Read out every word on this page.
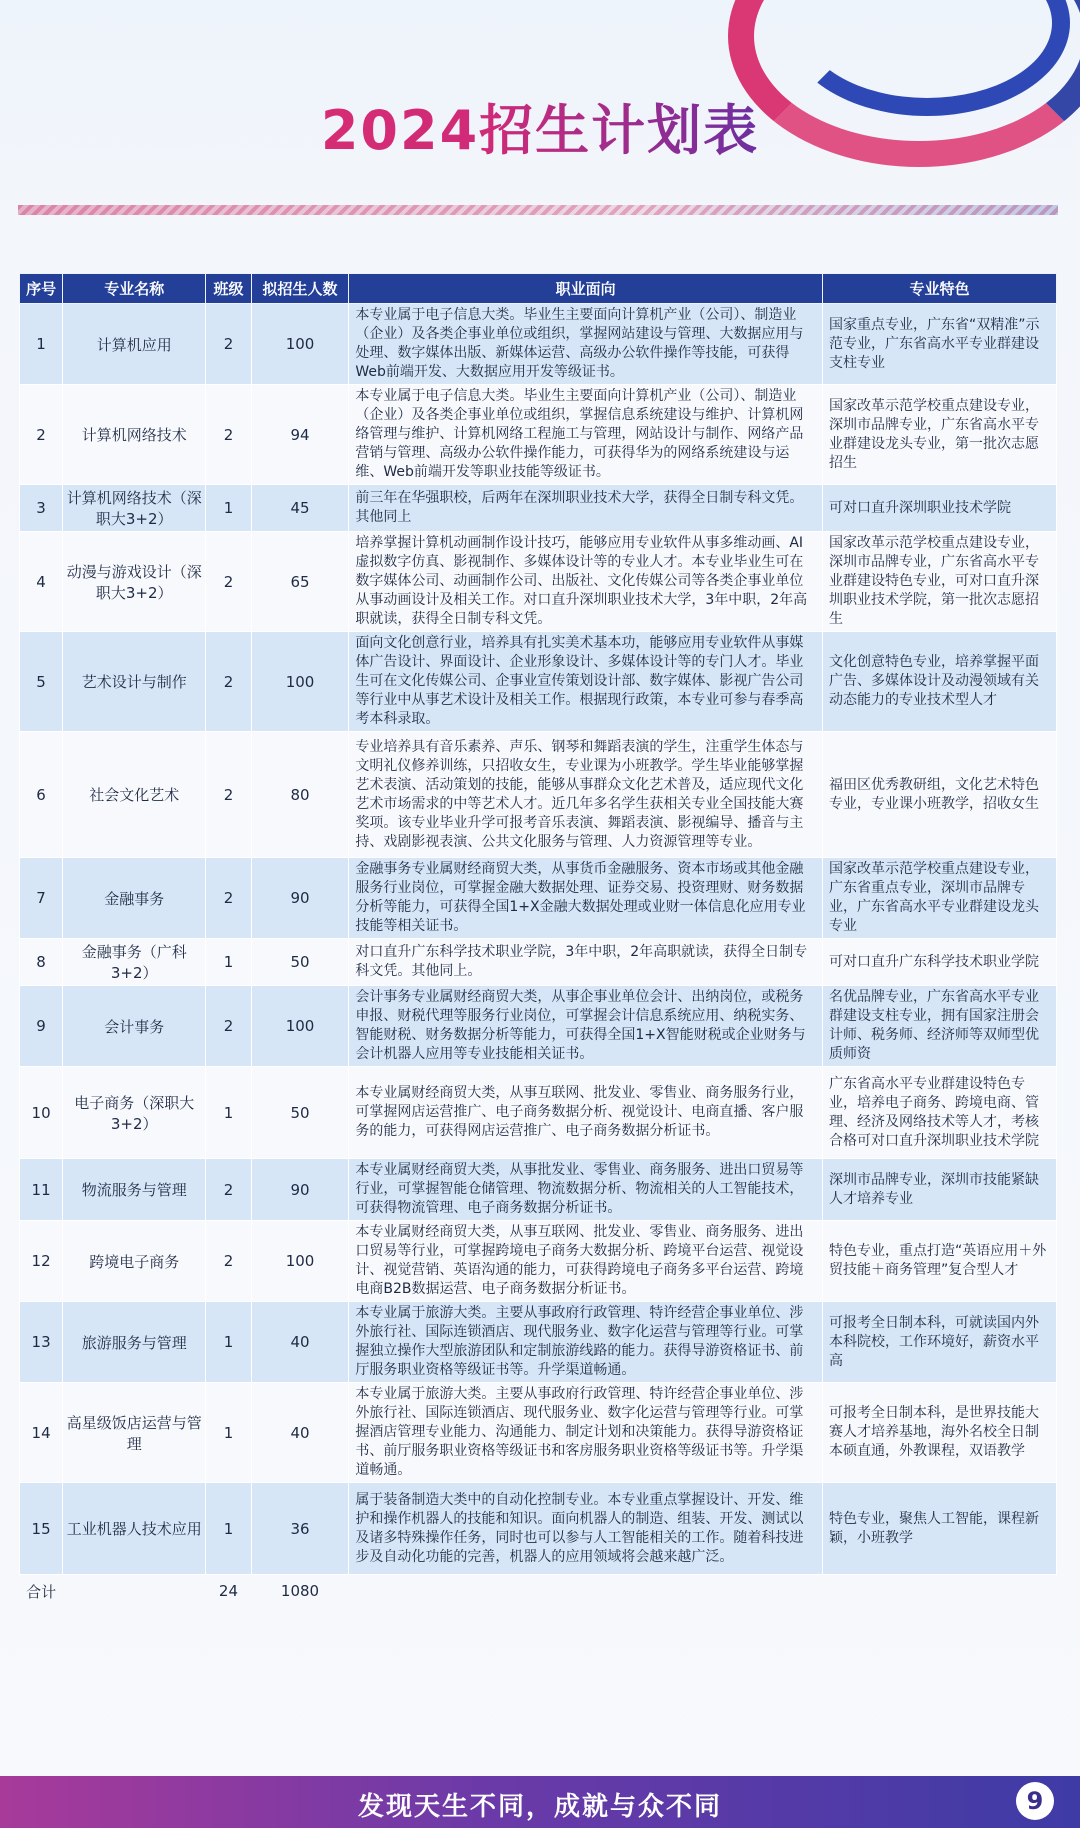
2024招生计划表
序号	专业名称	班级	拟招生人数	职业面向	专业特色
1	计算机应用	2	100	本专业属于电子信息大类。毕业生主要面向计算机产业（公司）、制造业（企业）及各类企事业单位或组织，掌握网站建设与管理、大数据应用与处理、数字媒体出版、新媒体运营、高级办公软件操作等技能，可获得Web前端开发、大数据应用开发等级证书。	国家重点专业，广东省“双精准”示范专业，广东省高水平专业群建设支柱专业
2	计算机网络技术	2	94	本专业属于电子信息大类。毕业生主要面向计算机产业（公司）、制造业（企业）及各类企事业单位或组织，掌握信息系统建设与维护、计算机网络管理与维护、计算机网络工程施工与管理，网站设计与制作、网络产品营销与管理、高级办公软件操作能力，可获得华为的网络系统建设与运维、Web前端开发等职业技能等级证书。	国家改革示范学校重点建设专业，深圳市品牌专业，广东省高水平专业群建设龙头专业，第一批次志愿招生
3	计算机网络技术（深职大3+2）	1	45	前三年在华强职校，后两年在深圳职业技术大学，获得全日制专科文凭。其他同上	可对口直升深圳职业技术学院
4	动漫与游戏设计（深职大3+2）	2	65	培养掌握计算机动画制作设计技巧，能够应用专业软件从事多维动画、AI虚拟数字仿真、影视制作、多媒体设计等的专业人才。本专业毕业生可在数字媒体公司、动画制作公司、出版社、文化传媒公司等各类企事业单位从事动画设计及相关工作。对口直升深圳职业技术大学，3年中职，2年高职就读，获得全日制专科文凭。	国家改革示范学校重点建设专业，深圳市品牌专业，广东省高水平专业群建设特色专业，可对口直升深圳职业技术学院，第一批次志愿招生
5	艺术设计与制作	2	100	面向文化创意行业，培养具有扎实美术基本功，能够应用专业软件从事媒体广告设计、界面设计、企业形象设计、多媒体设计等的专门人才。毕业生可在文化传媒公司、企事业宣传策划设计部、数字媒体、影视广告公司等行业中从事艺术设计及相关工作。根据现行政策，本专业可参与春季高考本科录取。	文化创意特色专业，培养掌握平面广告、多媒体设计及动漫领域有关动态能力的专业技术型人才
6	社会文化艺术	2	80	专业培养具有音乐素养、声乐、钢琴和舞蹈表演的学生，注重学生体态与文明礼仪修养训练，只招收女生，专业课为小班教学。学生毕业能够掌握艺术表演、活动策划的技能，能够从事群众文化艺术普及，适应现代文化艺术市场需求的中等艺术人才。近几年多名学生获相关专业全国技能大赛奖项。该专业毕业升学可报考音乐表演、舞蹈表演、影视编导、播音与主持、戏剧影视表演、公共文化服务与管理、人力资源管理等专业。	福田区优秀教研组，文化艺术特色专业，专业课小班教学，招收女生
7	金融事务	2	90	金融事务专业属财经商贸大类，从事货币金融服务、资本市场或其他金融服务行业岗位，可掌握金融大数据处理、证券交易、投资理财、财务数据分析等能力，可获得全国1+X金融大数据处理或业财一体信息化应用专业技能等相关证书。	国家改革示范学校重点建设专业，广东省重点专业，深圳市品牌专业，广东省高水平专业群建设龙头专业
8	金融事务（广科3+2）	1	50	对口直升广东科学技术职业学院，3年中职，2年高职就读，获得全日制专科文凭。其他同上。	可对口直升广东科学技术职业学院
9	会计事务	2	100	会计事务专业属财经商贸大类，从事企事业单位会计、出纳岗位，或税务申报、财税代理等服务行业岗位，可掌握会计信息系统应用、纳税实务、智能财税、财务数据分析等能力，可获得全国1+X智能财税或企业财务与会计机器人应用等专业技能相关证书。	名优品牌专业，广东省高水平专业群建设支柱专业，拥有国家注册会计师、税务师、经济师等双师型优质师资
10	电子商务（深职大3+2）	1	50	本专业属财经商贸大类，从事互联网、批发业、零售业、商务服务行业，可掌握网店运营推广、电子商务数据分析、视觉设计、电商直播、客户服务的能力，可获得网店运营推广、电子商务数据分析证书。	广东省高水平专业群建设特色专业，培养电子商务、跨境电商、管理、经济及网络技术等人才，考核合格可对口直升深圳职业技术学院
11	物流服务与管理	2	90	本专业属财经商贸大类，从事批发业、零售业、商务服务、进出口贸易等行业，可掌握智能仓储管理、物流数据分析、物流相关的人工智能技术，可获得物流管理、电子商务数据分析证书。	深圳市品牌专业，深圳市技能紧缺人才培养专业
12	跨境电子商务	2	100	本专业属财经商贸大类，从事互联网、批发业、零售业、商务服务、进出口贸易等行业，可掌握跨境电子商务大数据分析、跨境平台运营、视觉设计、视觉营销、英语沟通的能力，可获得跨境电子商务多平台运营、跨境电商B2B数据运营、电子商务数据分析证书。	特色专业，重点打造“英语应用＋外贸技能＋商务管理”复合型人才
13	旅游服务与管理	1	40	本专业属于旅游大类。主要从事政府行政管理、特许经营企事业单位、涉外旅行社、国际连锁酒店、现代服务业、数字化运营与管理等行业。可掌握独立操作大型旅游团队和定制旅游线路的能力。获得导游资格证书、前厅服务职业资格等级证书等。升学渠道畅通。	可报考全日制本科，可就读国内外本科院校，工作环境好，薪资水平高
14	高星级饭店运营与管理	1	40	本专业属于旅游大类。主要从事政府行政管理、特许经营企事业单位、涉外旅行社、国际连锁酒店、现代服务业、数字化运营与管理等行业。可掌握酒店管理专业能力、沟通能力、制定计划和决策能力。获得导游资格证书、前厅服务职业资格等级证书和客房服务职业资格等级证书等。升学渠道畅通。	可报考全日制本科，是世界技能大赛人才培养基地，海外名校全日制本硕直通，外教课程，双语教学
15	工业机器人技术应用	1	36	属于装备制造大类中的自动化控制专业。本专业重点掌握设计、开发、维护和操作机器人的技能和知识。面向机器人的制造、组装、开发、测试以及诸多特殊操作任务，同时也可以参与人工智能相关的工作。随着科技进步及自动化功能的完善，机器人的应用领域将会越来越广泛。	特色专业，聚焦人工智能，课程新颖，小班教学
合计		24	1080		
发现天生不同，成就与众不同	9
